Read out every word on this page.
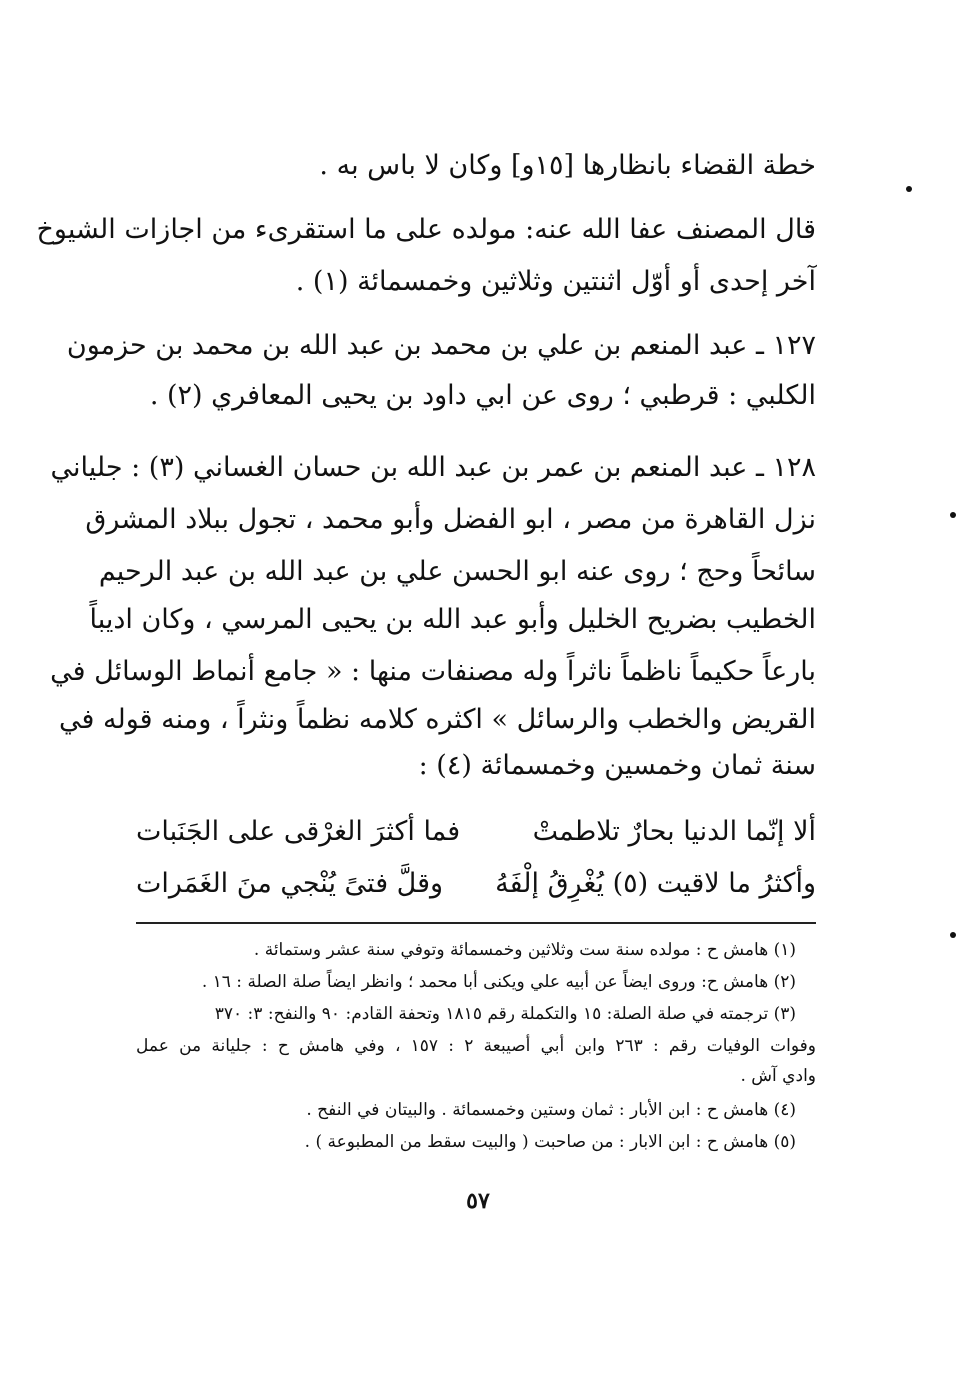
خطة القضاء بانظارها [١٥و] وكان لا باس به .
قال المصنف عفا الله عنه: مولده على ما استقرىء من اجازات الشيوخ
آخر إحدى أو أوّل اثنتين وثلاثين وخمسمائة (١) .
١٢٧ ـ عبد المنعم بن علي بن محمد بن عبد الله بن محمد بن حزمون
الكلبي : قرطبي ؛ روى عن ابي داود بن يحيى المعافري (٢) .
١٢٨ ـ عبد المنعم بن عمر بن عبد الله بن حسان الغساني (٣) : جلياني
نزل القاهرة من مصر ، ابو الفضل وأبو محمد ، تجول ببلاد المشرق
سائحاً وحج ؛ روى عنه ابو الحسن علي بن عبد الله بن عبد الرحيم
الخطيب بضريح الخليل وأبو عبد الله بن يحيى المرسي ، وكان اديباً
بارعاً حكيماً ناظماً ناثراً وله مصنفات منها : « جامع أنماط الوسائل في
القريض والخطب والرسائل » اكثره كلامه نظماً ونثراً ، ومنه قوله في
سنة ثمان وخمسين وخمسمائة (٤) :
ألا إنّما الدنيا بحارٌ تلاطمتْ
فما أكثرَ الغرْقى على الجَنَبات
وأكثرُ ما لاقيت (٥) يُغْرِقُ إلْفَهُ
وقلَّ فتىً يُنْجي منَ الغَمَرات
(١) هامش ح : مولده سنة ست وثلاثين وخمسمائة وتوفي سنة عشر وستمائة .
(٢) هامش ح: وروى ايضاً عن أبيه علي ويكنى أبا محمد ؛ وانظر ايضاً صلة الصلة : ١٦ .
(٣) ترجمته في صلة الصلة: ١٥ والتكملة رقم ١٨١٥ وتحفة القادم: ٩٠ والنفح: ٣: ٣٧٠
وفوات الوفيات رقم : ٢٦٣ وابن أبي أصيبعة ٢ : ١٥٧ ، وفي هامش ح : جليانة من عمل
وادي آش .
(٤) هامش ح : ابن الأبار : ثمان وستين وخمسمائة . والبيتان في النفح .
(٥) هامش ح : ابن الابار : من صاحبت ( والبيت سقط من المطبوعة ) .
٥٧
